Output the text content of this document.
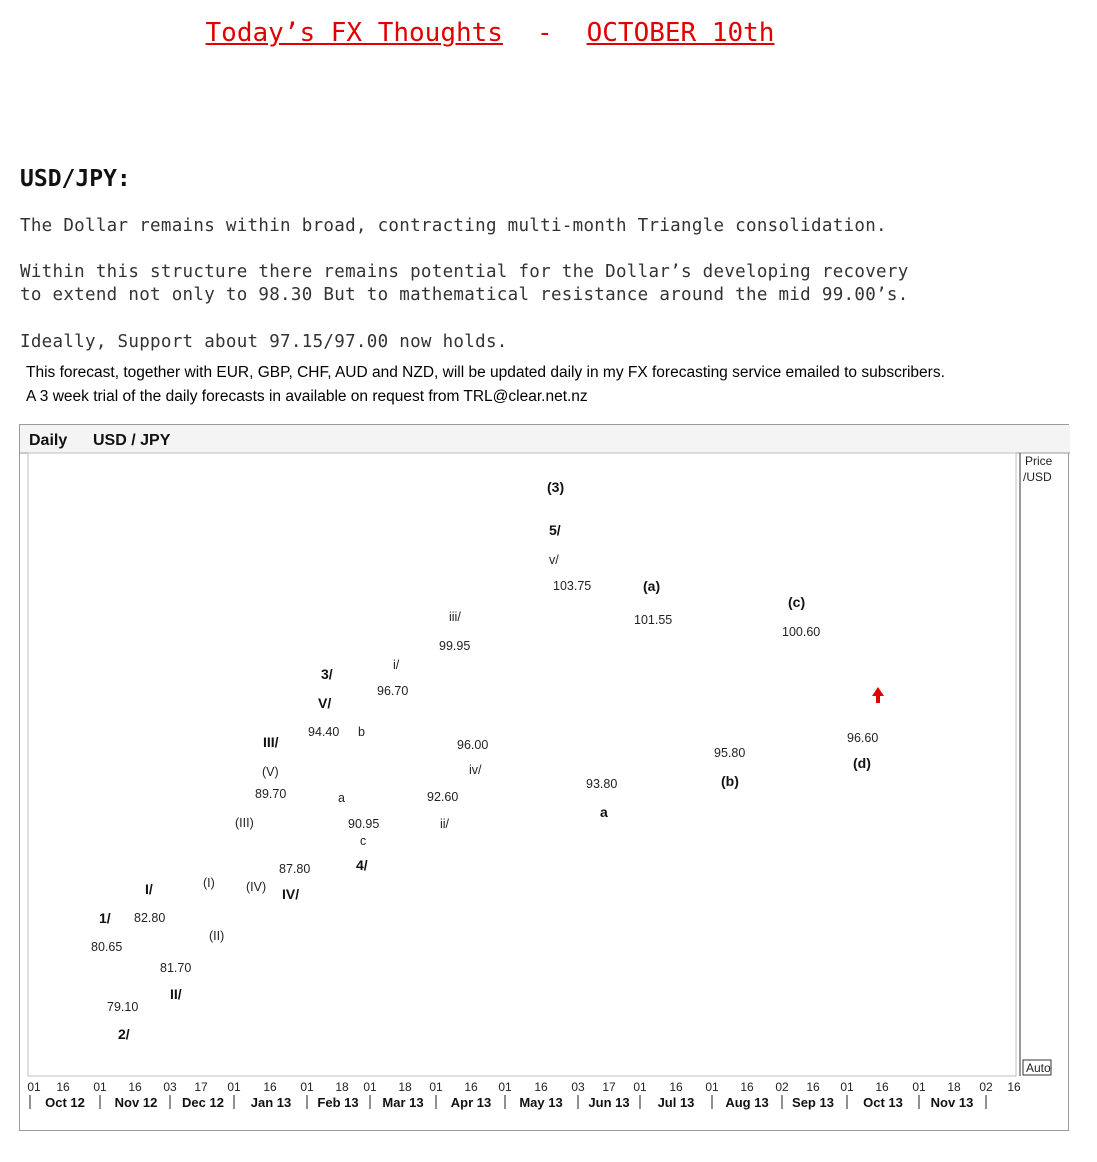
Today’s FX Thoughts - OCTOBER 10th
USD/JPY:
The Dollar remains within broad, contracting multi-month Triangle consolidation.
Within this structure there remains potential for the Dollar’s developing recovery
to extend not only to 98.30 But to mathematical resistance around the mid 99.00’s.
Ideally, Support about 97.15/97.00 now holds.
This forecast, together with EUR, GBP, CHF, AUD and NZD, will be updated daily in my FX forecasting service emailed to subscribers.
A 3 week trial of the daily forecasts in available on request from TRL@clear.net.nz
Daily USD / JPY
Price
/USD
01 16 01 16 03 17 01 16 01 18 01 18 01 16 01 16 03 17 01 16 01 16 02 16 01 16 01 18 02 16
Oct 12 Nov 12 Dec 12 Jan 13 Feb 13 Mar 13 Apr 13 May 13 Jun 13 Jul 13 Aug 13 Sep 13 Oct 13 Nov 13
(3)
5/
v/
103.75	(a)
101.55
(c)
100.60
iii/
99.95
i/
96.70
3/
V/
94.40 b
III/
(V)
89.70	a
96.00
iv/
92.60
ii/
90.95
c
4/
(III)
87.80
(I) (IV) IV/
I/
1/ 82.80
80.65
(II)
81.70
II/
79.10
2/
93.80
a
95.80
(b)
96.60
(d)
Auto
